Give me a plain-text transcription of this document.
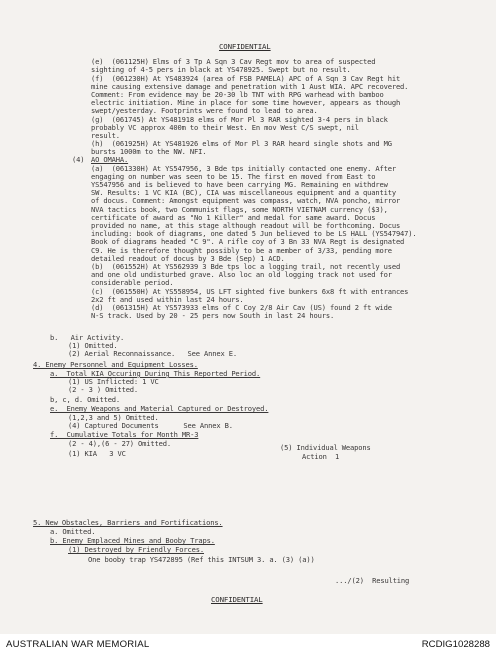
CONFIDENTIAL
(e)  (061125H) Elms of 3 Tp A Sqn 3 Cav Regt mov to area of suspected
sighting of 4-5 pers in black at YS478925. Swept but no result.
(f)  (061230H) At YS483924 (area of FSB PAMELA) APC of A Sqn 3 Cav Regt hit
mine causing extensive damage and penetration with 1 Aust WIA. APC recovered.
Comment: From evidence may be 20-30 lb TNT with RPG warhead with bamboo
electric initiation. Mine in place for some time however, appears as though
swept/yesterday. Footprints were found to lead to area.
(g)  (061745) At YS481918 elms of Mor Pl 3 RAR sighted 3-4 pers in black
probably VC approx 400m to their West. En mov West C/S swept, nil
result.
(h)  (061925H) At YS481926 elms of Mor Pl 3 RAR heard single shots and MG
bursts 1000m to the NW. NFI.
(4) AO OMAHA.
(a)  (061330H) At YS547956, 3 Bde tps initially contacted one enemy. After
engaging on number was seen to be 15. The first en moved from East to
YS547956 and is believed to have been carrying MG. Remaining en withdrew
SW. Results: 1 VC KIA (BC), CIA was miscellaneous equipment and a quantity
of docus. Comment: Amongst equipment was compass, watch, NVA poncho, mirror
NVA tactics book, two Communist flags, some NORTH VIETNAM currency ($3),
certificate of award as "No 1 Killer" and medal for same award. Docus
provided no name, at this stage although readout will be forthcoming. Docus
including: book of diagrams, one dated 5 Jun believed to be LS HALL (YS547947).
Book of diagrams headed "C 9". A rifle coy of 3 Bn 33 NVA Regt is designated
C9. He is therefore thought possibly to be a member of 3/33, pending more
detailed readout of docus by 3 Bde (Sep) 1 ACD.
(b)  (061552H) At YS562939 3 Bde tps loc a logging trail, not recently used
and one old undisturbed grave. Also loc an old logging track not used for
considerable period.
(c)  (061550H) At YS558954, US LFT sighted five bunkers 6x8 ft with entrances
2x2 ft and used within last 24 hours.
(d)  (061315H) At YS573933 elms of C Coy 2/8 Air Cav (US) found 2 ft wide
N-S track. Used by 20 - 25 pers now South in last 24 hours.
b.   Air Activity.
(1) Omitted.
(2) Aerial Reconnaissance.   See Annex E.
4. Enemy Personnel and Equipment Losses.
a.  Total KIA Occuring During This Reported Period.
(1) US Inflicted: 1 VC
(2 - 3 ) Omitted.
b, c, d. Omitted.
e.  Enemy Weapons and Material Captured or Destroyed.
(1,2,3 and 5) Omitted.
(4) Captured Documents      See Annex B.
f.  Cumulative Totals for Month MR-3
(2 - 4),(6 - 27) Omitted.
(1) KIA   3 VC
(5) Individual Weapons
Action  1
5. New Obstacles, Barriers and Fortifications.
a. Omitted.
b. Enemy Emplaced Mines and Booby Traps.
(1) Destroyed by Friendly Forces.
One booby trap YS472895 (Ref this INTSUM 3. a. (3) (a))
.../(2)  Resulting
CONFIDENTIAL
AUSTRALIAN WAR MEMORIAL	RCDIG1028288
